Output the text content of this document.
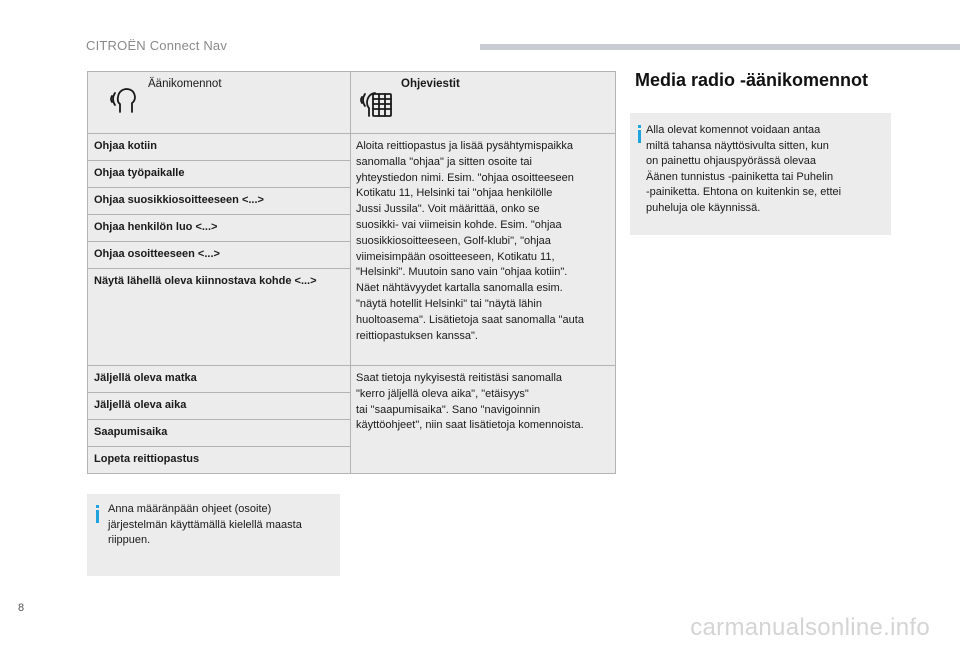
CITROËN Connect Nav
Äänikomennot	Ohjeviestit
Ohjaa kotiin
Ohjaa työpaikalle
Ohjaa suosikkiosoitteeseen <...>
Ohjaa henkilön luo <...>
Ohjaa osoitteeseen <...>
Näytä lähellä oleva kiinnostava kohde <...>
Aloita reittiopastus ja lisää pysähtymispaikka
sanomalla "ohjaa" ja sitten osoite tai
yhteystiedon nimi. Esim. "ohjaa osoitteeseen
Kotikatu 11, Helsinki tai "ohjaa henkilölle
Jussi Jussila". Voit määrittää, onko se
suosikki- vai viimeisin kohde. Esim. "ohjaa
suosikkiosoitteeseen, Golf-klubi", "ohjaa
viimeisimpään osoitteeseen, Kotikatu 11,
"Helsinki". Muutoin sano vain "ohjaa kotiin".
Näet nähtävyydet kartalla sanomalla esim.
"näytä hotellit Helsinki" tai "näytä lähin
huoltoasema". Lisätietoja saat sanomalla "auta
reittiopastuksen kanssa".
Jäljellä oleva matka
Jäljellä oleva aika
Saapumisaika
Lopeta reittiopastus
Saat tietoja nykyisestä reitistäsi sanomalla
"kerro jäljellä oleva aika", "etäisyys"
tai "saapumisaika". Sano "navigoinnin
käyttöohjeet", niin saat lisätietoja komennoista.
Anna määränpään ohjeet (osoite)
järjestelmän käyttämällä kielellä maasta
riippuen.
Media radio -äänikomennot
Alla olevat komennot voidaan antaa
miltä tahansa näyttösivulta sitten, kun
on painettu ohjauspyörässä olevaa
Äänen tunnistus -painiketta tai Puhelin
-painiketta. Ehtona on kuitenkin se, ettei
puheluja ole käynnissä.
8
carmanualsonline.info
